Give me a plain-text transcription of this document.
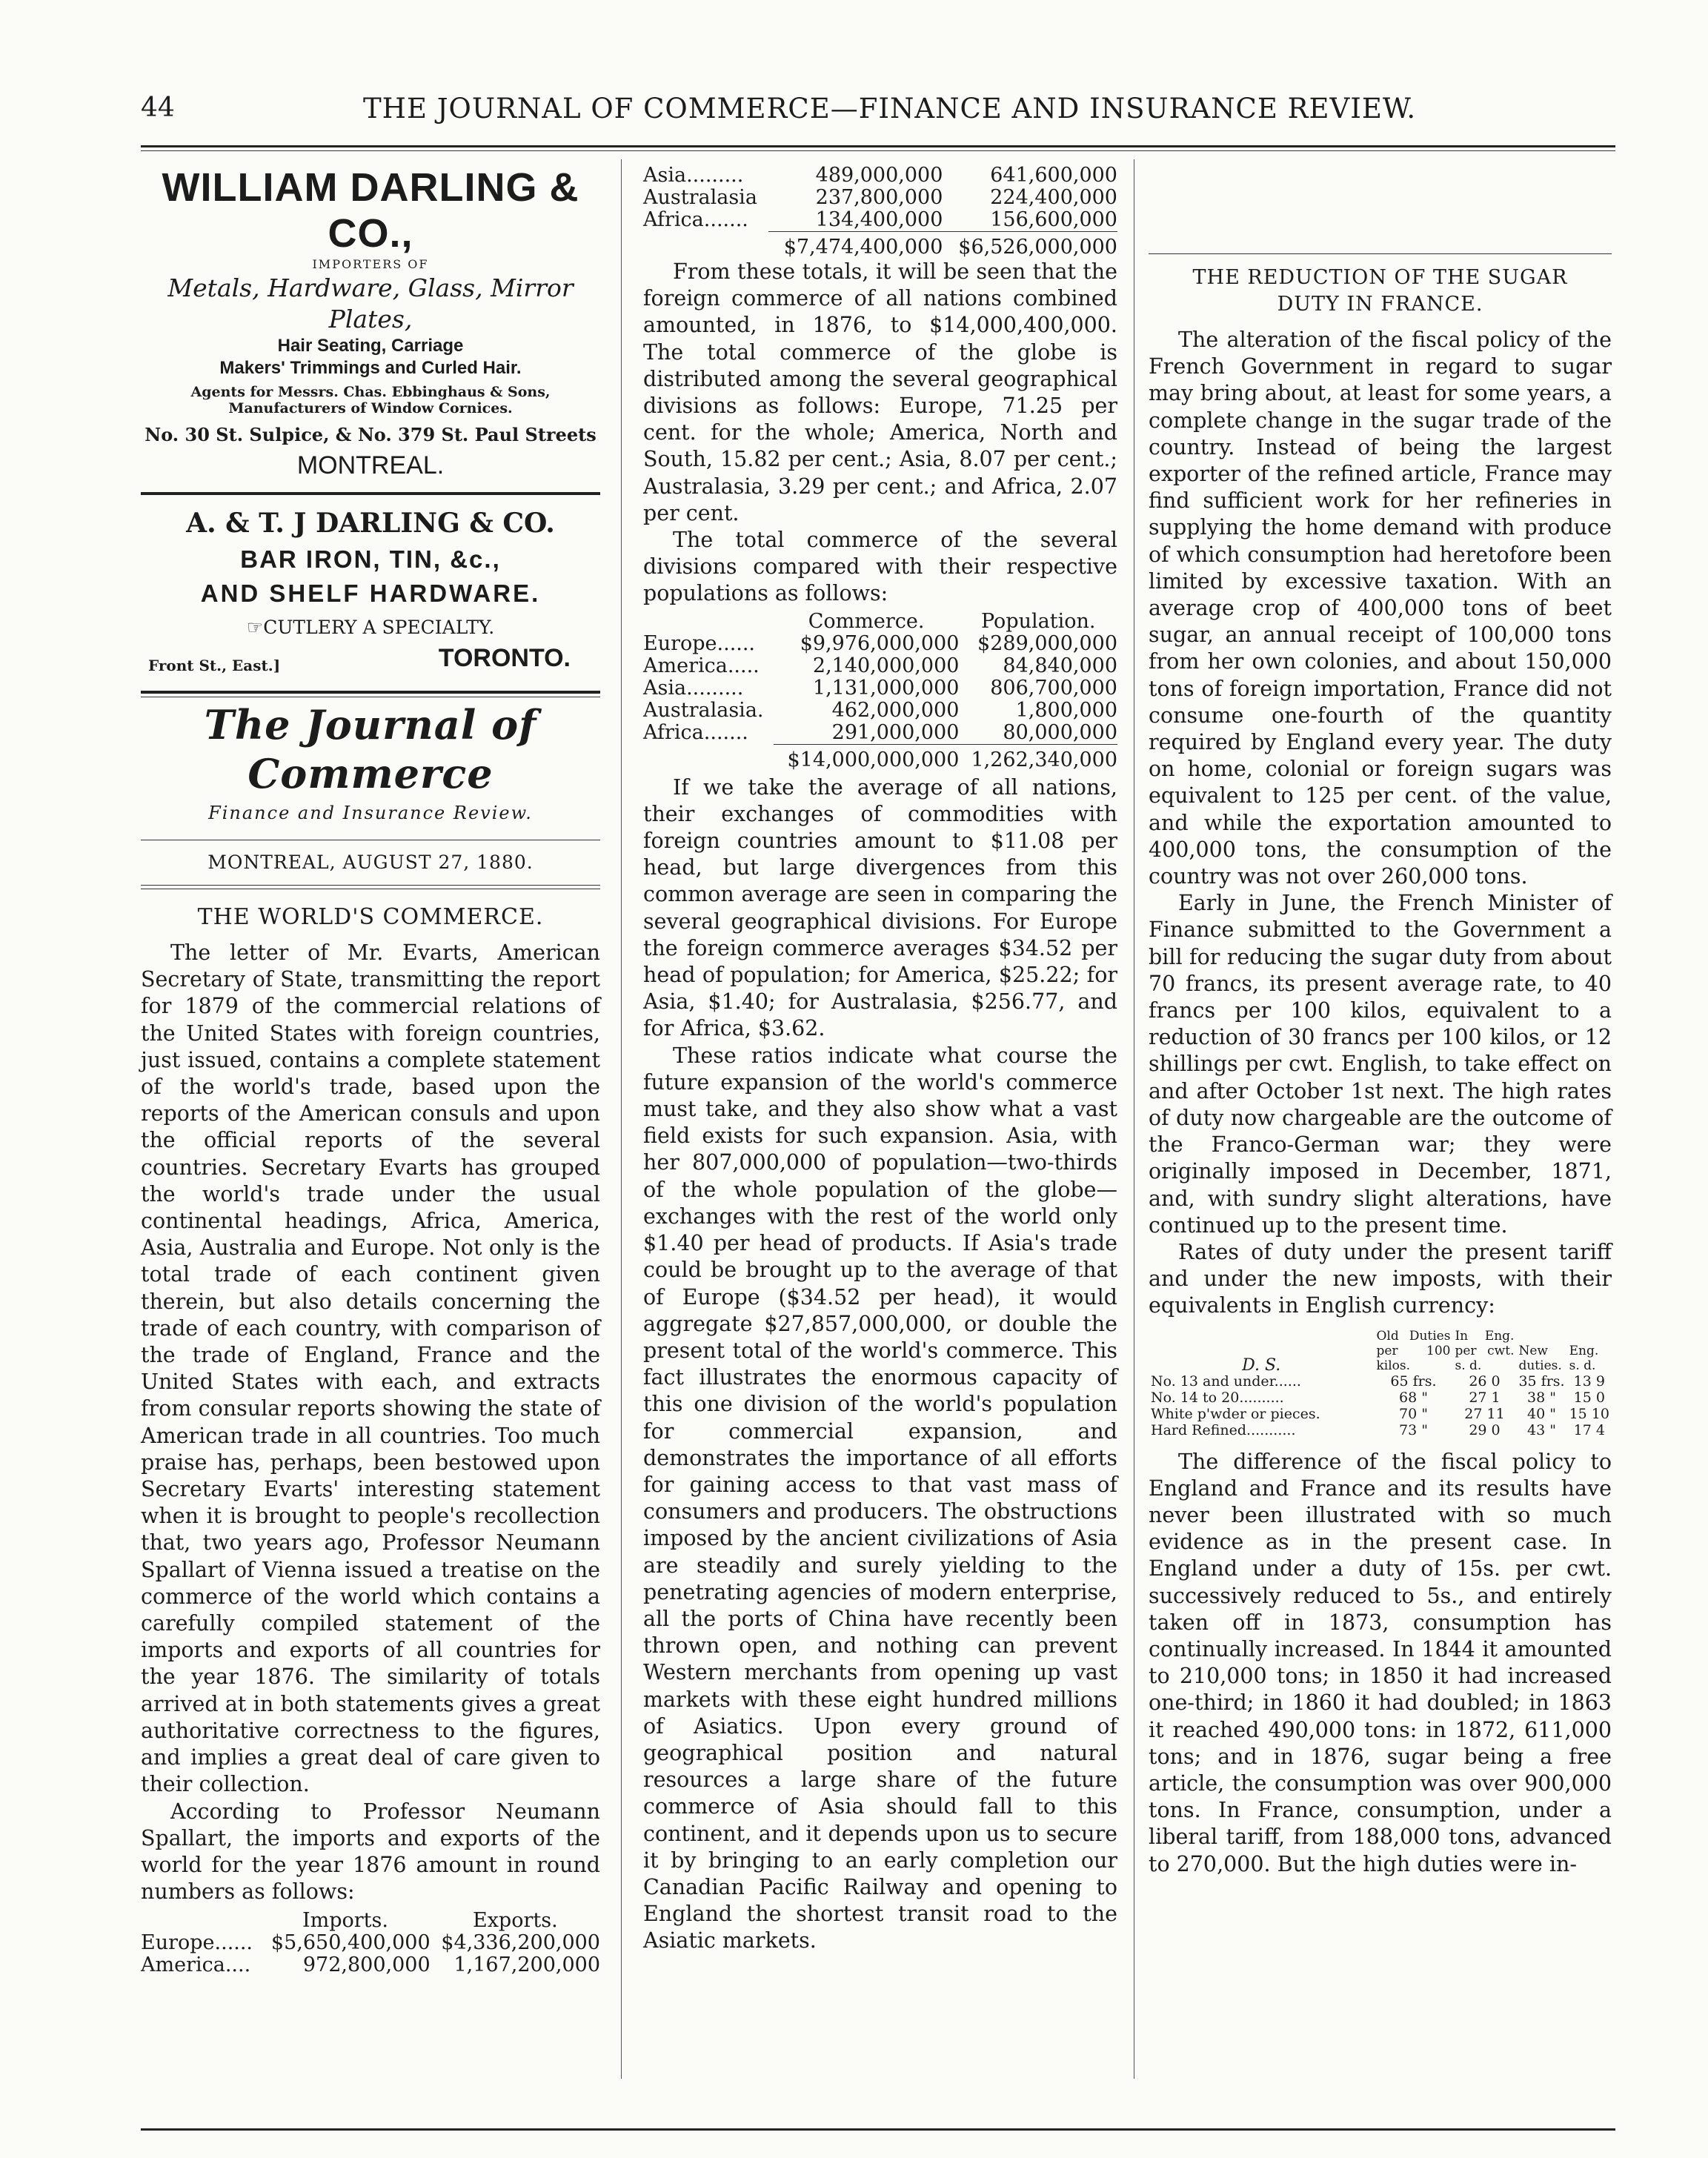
44	THE JOURNAL OF COMMERCE—FINANCE AND INSURANCE REVIEW.
WILLIAM DARLING & CO.,
IMPORTERS OF
Metals, Hardware, Glass, Mirror Plates,
Hair Seating, Carriage
Makers' Trimmings and Curled Hair.
Agents for Messrs. Chas. Ebbinghaus & Sons, Manufacturers of Window Cornices.
No. 30 St. Sulpice, & No. 379 St. Paul Streets
MONTREAL.
A. & T. J DARLING & CO.
BAR IRON, TIN, &c.,
AND SHELF HARDWARE.
☞CUTLERY A SPECIALTY.
Front St., East.]	TORONTO.
The Journal of Commerce
Finance and Insurance Review.
MONTREAL, AUGUST 27, 1880.
THE WORLD'S COMMERCE.

The letter of Mr. Evarts, American Secretary of State, transmitting the report for 1879 of the commercial relations of the United States with foreign countries, just issued, contains a complete statement of the world's trade, based upon the reports of the American consuls and upon the official reports of the several countries. Secretary Evarts has grouped the world's trade under the usual continental headings, Africa, America, Asia, Australia and Europe. Not only is the total trade of each continent given therein, but also details concerning the trade of each country, with comparison of the trade of England, France and the United States with each, and extracts from consular reports showing the state of American trade in all countries. Too much praise has, perhaps, been bestowed upon Secretary Evarts' interesting statement when it is brought to people's recollection that, two years ago, Professor Neumann Spallart of Vienna issued a treatise on the commerce of the world which contains a carefully compiled statement of the imports and exports of all countries for the year 1876. The similarity of totals arrived at in both statements gives a great authoritative correctness to the figures, and implies a great deal of care given to their collection.

According to Professor Neumann Spallart, the imports and exports of the world for the year 1876 amount in round numbers as follows:

	Imports.	Exports.
Europe......	$5,650,400,000	$4,336,200,000
America....	972,800,000	1,167,200,000
Asia.........	489,000,000	641,600,000
Australasia	237,800,000	224,400,000
Africa.......	134,400,000	156,600,000
	$7,474,400,000	$6,526,000,000

From these totals, it will be seen that the foreign commerce of all nations combined amounted, in 1876, to $14,000,400,000. The total commerce of the globe is distributed among the several geographical divisions as follows: Europe, 71.25 per cent. for the whole; America, North and South, 15.82 per cent.; Asia, 8.07 per cent.; Australasia, 3.29 per cent.; and Africa, 2.07 per cent.

The total commerce of the several divisions compared with their respective populations as follows:

	Commerce.	Population.
Europe......	$9,976,000,000	$289,000,000
America.....	2,140,000,000	84,840,000
Asia.........	1,131,000,000	806,700,000
Australasia.	462,000,000	1,800,000
Africa.......	291,000,000	80,000,000
	$14,000,000,000	1,262,340,000

If we take the average of all nations, their exchanges of commodities with foreign countries amount to $11.08 per head, but large divergences from this common average are seen in comparing the several geographical divisions. For Europe the foreign commerce averages $34.52 per head of population; for America, $25.22; for Asia, $1.40; for Australasia, $256.77, and for Africa, $3.62.

These ratios indicate what course the future expansion of the world's commerce must take, and they also show what a vast field exists for such expansion. Asia, with her 807,000,000 of population—two-thirds of the whole population of the globe—exchanges with the rest of the world only $1.40 per head of products. If Asia's trade could be brought up to the average of that of Europe ($34.52 per head), it would aggregate $27,857,000,000, or double the present total of the world's commerce. This fact illustrates the enormous capacity of this one division of the world's population for commercial expansion, and demonstrates the importance of all efforts for gaining access to that vast mass of consumers and producers. The obstructions imposed by the ancient civilizations of Asia are steadily and surely yielding to the penetrating agencies of modern enterprise, all the ports of China have recently been thrown open, and nothing can prevent Western merchants from opening up vast markets with these eight hundred millions of Asiatics. Upon every ground of geographical position and natural resources a large share of the future commerce of Asia should fall to this continent, and it depends upon us to secure it by bringing to an early completion our Canadian Pacific Railway and opening to England the shortest transit road to the Asiatic markets.

THE REDUCTION OF THE SUGAR DUTY IN FRANCE.

The alteration of the fiscal policy of the French Government in regard to sugar may bring about, at least for some years, a complete change in the sugar trade of the country. Instead of being the largest exporter of the refined article, France may find sufficient work for her refineries in supplying the home demand with produce of which consumption had heretofore been limited by excessive taxation. With an average crop of 400,000 tons of beet sugar, an annual receipt of 100,000 tons from her own colonies, and about 150,000 tons of foreign importation, France did not consume one-fourth of the quantity required by England every year. The duty on home, colonial or foreign sugars was equivalent to 125 per cent. of the value, and while the exportation amounted to 400,000 tons, the consumption of the country was not over 260,000 tons.

Early in June, the French Minister of Finance submitted to the Government a bill for reducing the sugar duty from about 70 francs, its present average rate, to 40 francs per 100 kilos, equivalent to a reduction of 30 francs per 100 kilos, or 12 shillings per cwt. English, to take effect on and after October 1st next. The high rates of duty now chargeable are the outcome of the Franco-German war; they were originally imposed in December, 1871, and, with sundry slight alterations, have continued up to the present time.

Rates of duty under the present tariff and under the new imposts, with their equivalents in English currency:

D. S.	Old Duties per 100 kilos.	In Eng. per cwt. s. d.	New duties.	Eng. s. d.
No. 13 and under......	65 frs.	26 0	35 frs.	13 9
No. 14 to 20..........	68 "	27 1	38 "	15 0
White p'wder or pieces.	70 "	27 11	40 "	15 10
Hard Refined...........	73 "	29 0	43 "	17 4

The difference of the fiscal policy to England and France and its results have never been illustrated with so much evidence as in the present case. In England under a duty of 15s. per cwt. successively reduced to 5s., and entirely taken off in 1873, consumption has continually increased. In 1844 it amounted to 210,000 tons; in 1850 it had increased one-third; in 1860 it had doubled; in 1863 it reached 490,000 tons: in 1872, 611,000 tons; and in 1876, sugar being a free article, the consumption was over 900,000 tons. In France, consumption, under a liberal tariff, from 188,000 tons, advanced to 270,000. But the high duties were in-
